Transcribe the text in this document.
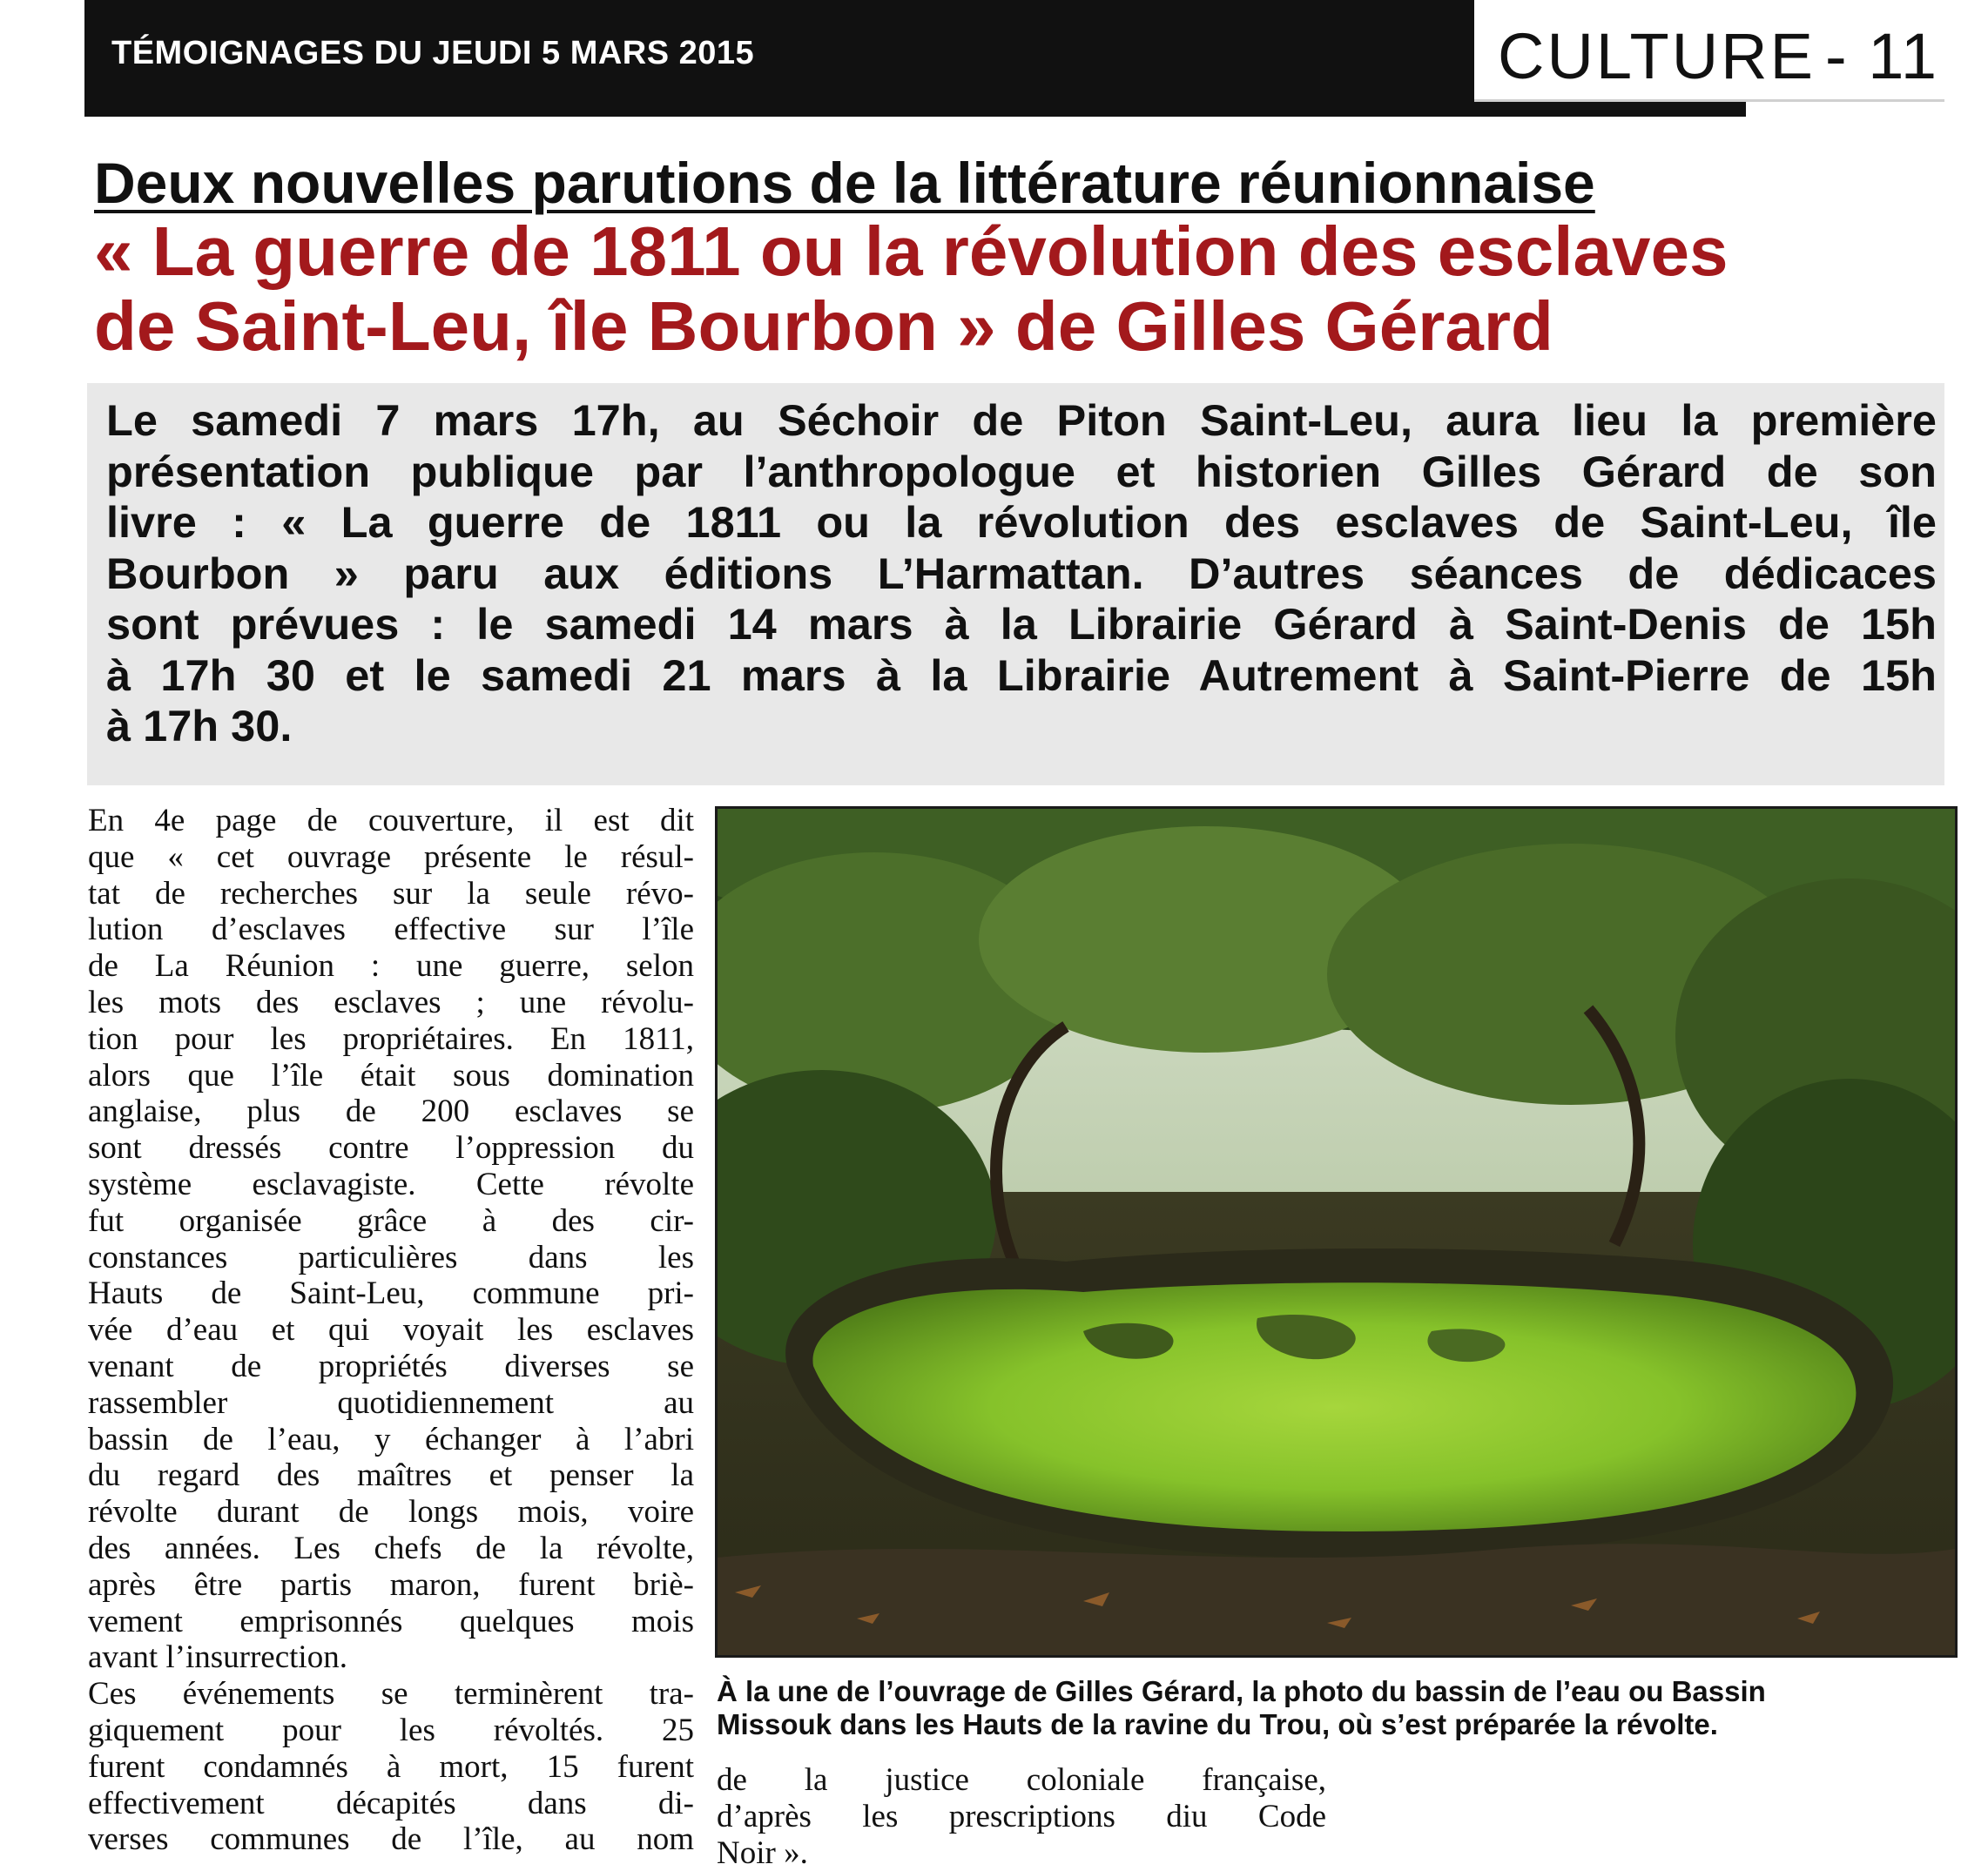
TÉMOIGNAGES DU JEUDI 5 MARS 2015	CULTURE - 11
Deux nouvelles parutions de la littérature réunionnaise
« La guerre de 1811 ou la révolution des esclaves
de Saint-Leu, île Bourbon » de Gilles Gérard

Le samedi 7 mars 17h, au Séchoir de Piton Saint-Leu, aura lieu la première
présentation publique par l’anthropologue et historien Gilles Gérard de son
livre : « La guerre de 1811 ou la révolution des esclaves de Saint-Leu, île
Bourbon » paru aux éditions L’Harmattan. D’autres séances de dédicaces
sont prévues : le samedi 14 mars à la Librairie Gérard à Saint-Denis de 15h
à 17h 30 et le samedi 21 mars à la Librairie Autrement à Saint-Pierre de 15h
à 17h 30.

En 4e page de couverture, il est dit
que « cet ouvrage présente le résul-
tat de recherches sur la seule révo-
lution d’esclaves effective sur l’île
de La Réunion : une guerre, selon
les mots des esclaves ; une révolu-
tion pour les propriétaires. En 1811,
alors que l’île était sous domination
anglaise, plus de 200 esclaves se
sont dressés contre l’oppression du
système esclavagiste. Cette révolte
fut organisée grâce à des cir-
constances particulières dans les
Hauts de Saint-Leu, commune pri-
vée d’eau et qui voyait les esclaves
venant de propriétés diverses se
rassembler quotidiennement au
bassin de l’eau, y échanger à l’abri
du regard des maîtres et penser la
révolte durant de longs mois, voire
des années. Les chefs de la révolte,
après être partis maron, furent briè-
vement emprisonnés quelques mois
avant l’insurrection.
Ces événements se terminèrent tra-
giquement pour les révoltés. 25
furent condamnés à mort, 15 furent
effectivement décapités dans di-
verses communes de l’île, au nom

À la une de l’ouvrage de Gilles Gérard, la photo du bassin de l’eau ou Bassin
Missouk dans les Hauts de la ravine du Trou, où s’est préparée la révolte.

de la justice coloniale française,
d’après les prescriptions diu Code
Noir ».
